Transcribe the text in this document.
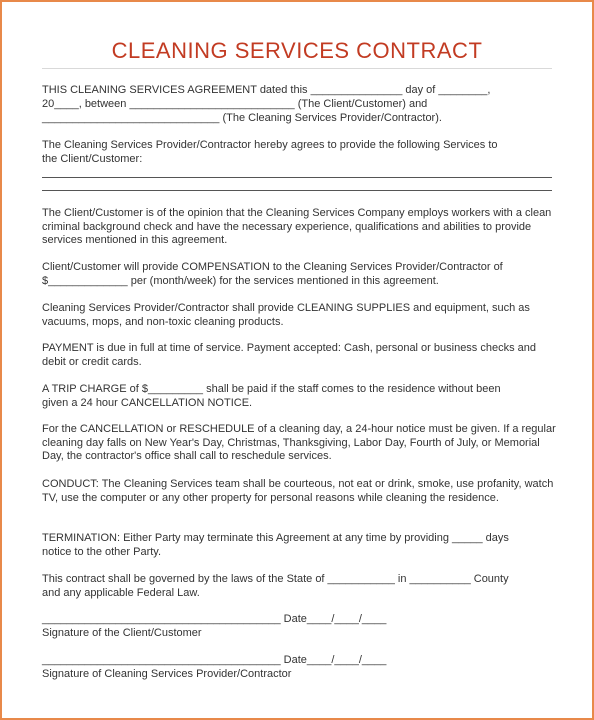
CLEANING SERVICES CONTRACT
THIS CLEANING SERVICES AGREEMENT dated this _______________ day of ________,
20____, between ___________________________ (The Client/Customer) and
_____________________________ (The Cleaning Services Provider/Contractor).
The Cleaning Services Provider/Contractor hereby agrees to provide the following Services to
the Client/Customer:
The Client/Customer is of the opinion that the Cleaning Services Company employs workers with a clean criminal background check and have the necessary experience, qualifications and abilities to provide services mentioned in this agreement.
Client/Customer will provide COMPENSATION to the Cleaning Services Provider/Contractor of
$_____________ per (month/week) for the services mentioned in this agreement.
Cleaning Services Provider/Contractor shall provide CLEANING SUPPLIES and equipment, such as vacuums, mops, and non-toxic cleaning products.
PAYMENT is due in full at time of service. Payment accepted: Cash, personal or business checks and debit or credit cards.
A TRIP CHARGE of $_________ shall be paid if the staff comes to the residence without been
given a 24 hour CANCELLATION NOTICE.
For the CANCELLATION or RESCHEDULE of a cleaning day, a 24-hour notice must be given. If a regular cleaning day falls on New Year's Day, Christmas, Thanksgiving, Labor Day, Fourth of July, or Memorial Day, the contractor's office shall call to reschedule services.
CONDUCT: The Cleaning Services team shall be courteous, not eat or drink, smoke, use profanity, watch TV, use the computer or any other property for personal reasons while cleaning the residence.
TERMINATION: Either Party may terminate this Agreement at any time by providing _____ days
notice to the other Party.
This contract shall be governed by the laws of the State of ___________ in __________ County
and any applicable Federal Law.
_______________________________________ Date____/____/____
Signature of the Client/Customer
_______________________________________ Date____/____/____
Signature of Cleaning Services Provider/Contractor
